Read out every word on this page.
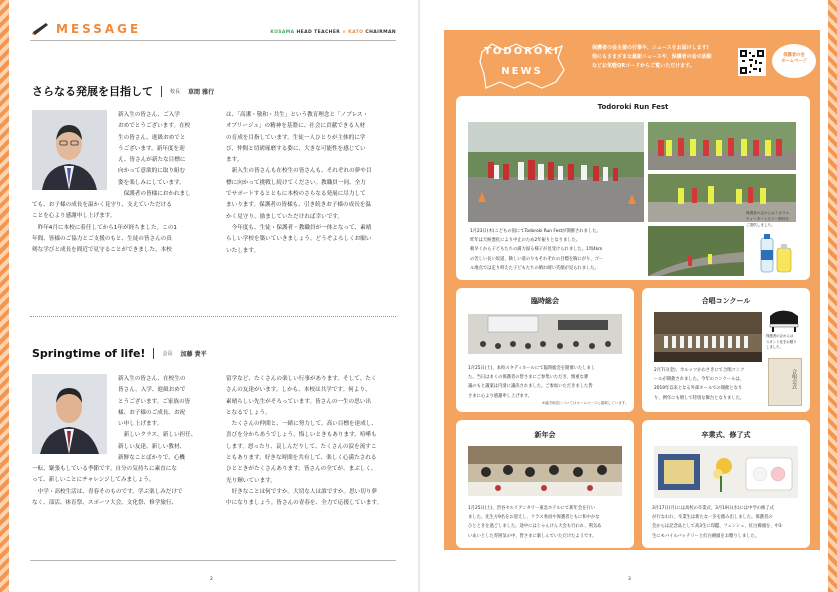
MESSAGE	KUSAMA HEAD TEACHER × KATO CHAIRMAN
さらなる発展を目指して	校長 草間 雅行
新入生の皆さん、ご入学
おめでとうございます。在校
生の皆さん、進級おめでと
うございます。新年度を迎
え、皆さんが新たな目標に
向かって意欲的に取り組む
姿を楽しみにしています。
　保護者の皆様におかれまし
ても、お子様の成長を温かく見守り、支えていただける
ことを心より感謝申し上げます。
　昨年4月に本校に着任してから1年が経ちました。この1
年間、皆様のご協力とご支援のもと、生徒の皆さんの真
剣な学びと成長を間近で見守ることができました。本校
は、「高潔・敬和・共生」という教育理念と「ノブレス・
オブリージュ」の精神を基盤に、社会に貢献できる人材
の育成を目指しています。生徒一人ひとりが主体的に学
び、仲間と切磋琢磨する姿に、大きな可能性を感じてい
ます。
　新入生の皆さんも在校生の皆さんも、それぞれの夢や目
標に向かって挑戦し続けてください。教職員一同、全力
でサポートするとともに本校のさらなる発展に尽力して
まいります。保護者の皆様も、引き続きお子様の成長を温
かく見守り、励ましていただければ幸いです。
　今年度も、生徒・保護者・教職員が一体となって、素晴
らしい学校を築いていきましょう。どうぞよろしくお願い
いたします。
Springtime of life!	会長 加藤 貴平
新入生の皆さん、在校生の
皆さん、入学、進級おめで
とうございます。ご家族の皆
様、お子様のご成長、お祝
い申し上げます。
　新しいクラス、新しい担任、
新しい友達、新しい教材、
新鮮なことばかりで、心機
一転、緊張もしている季節です。自分の気持ちに素直にな
って、新しいことにチャレンジしてみましょう。
　中学・高校生活は、青春そのものです。学ぶ楽しみだけで
なく、部活、体育祭、スポーツ大会、文化祭、修学旅行、
留学など、たくさんの楽しい行事があります。そして、たく
さんの友達がいます。しかも、本校は共学です。何より、
素晴らしい先生がそろっています。皆さんの一生の思い出
となるでしょう。
　たくさんの仲間と、一緒に努力して、高い目標を達成し、
喜びを分かちあうでしょう。悔しいときもあります。喧嘩も
します。怒ったり、哀しんだりして、たくさんの涙を流すこ
ともあります。好きな時間を共有して、楽しく心満たされる
ひとときがたくさんあります。皆さんの全てが、まぶしく、
光り輝いています。
　好きなことは何ですか。大切な人は誰ですか。思い切り夢
中になりましょう。皆さんの青春を、全力で応援しています。
2
TODOROKI
NEWS
保護者の会主催の行事や、ニュースをお届けします!
他にもさまざまな最新ニュースや、保護者の会の活動
などお気軽QRコードからご覧いただけます。
保護者の会
ホームページ
Todoroki Run Fest
保護者の会からはミネラル
ウォーターとゼリー飲料を
ご提供しました。
1月23日(木)こどもの国にてTodoroki Run Festが開催されました。
昨年は天候悪化により中止のため2年振りとなりました。
朝早くから子どもたちの満力溢る様子が見受けられました。1周4km
の苦しい長い坂道、険しい道のりもそれぞれの目標を胸にがり、ゴー
ル地点では走り終えた子どもたちの晴れ晴い笑顔が見られました。
臨時総会
1月25日(土)、本校スタディホールにて臨時総会を開催いたしまし
た。当日はまくの保護者の皆さまにご参集いただき、慎重な審
議のもと議案は円滑に議決されました。ご参加いただきました皆
さまに心より感謝申し上げます。
※議決承認についてはホームページに掲載しています。
合唱コンクール
保護者の会からは
スタンド花をお贈り
しました。
2月7日(金)、カルッツかわさきにて合唱コンク
ールが開催されました。今年のコンクールは、
2019年以来となる外部ホールでの開催となり
り、例年にも増して特別な舞台となりました。
合唱会式
新年会
1月25日(土)、渋谷セルリアンタワー東急ホテルにて新年会を行い
ました。先生方9名をお迎えし、クラス委員や保護者ともに和やかな
ひとときを過ごしました。途中にはじゃんけん大会も行われ、利気あ
いあいとした雰囲気の中、皆さまに楽しんでいただけたようです。
卒業式、修了式
3月17日(月)には高校の卒業式、3月19日(水)には中学の修了式
が行なわれ、卒業生は新たな一歩を踏み出しました。保護者の
会からは記念品として高3生に印鑑、フェンシュ、紅白饅頭を、中3
生にモバイルバッテリーと紅白饅頭をお贈りしました。
3
